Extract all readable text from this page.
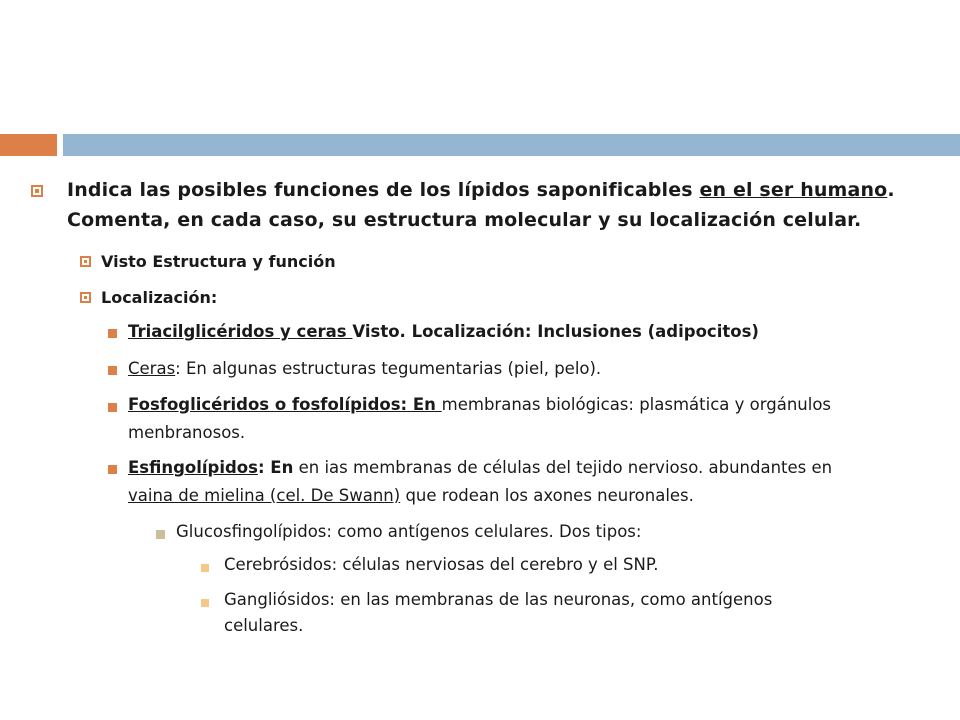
Indica las posibles funciones de los lípidos saponificables en el ser humano.
Comenta, en cada caso, su estructura molecular y su localización celular.
Visto Estructura y función
Localización:
Triacilglicéridos y ceras Visto. Localización: Inclusiones (adipocitos)
Ceras: En algunas estructuras tegumentarias (piel, pelo).
Fosfoglicéridos o fosfolípidos: En membranas biológicas: plasmática y orgánulos
menbranosos.
Esfingolípidos: En en ias membranas de células del tejido nervioso. abundantes en
vaina de mielina (cel. De Swann) que rodean los axones neuronales.
Glucosfingolípidos: como antígenos celulares. Dos tipos:
Cerebrósidos: células nerviosas del cerebro y el SNP.
Gangliósidos: en las membranas de las neuronas, como antígenos
celulares.
